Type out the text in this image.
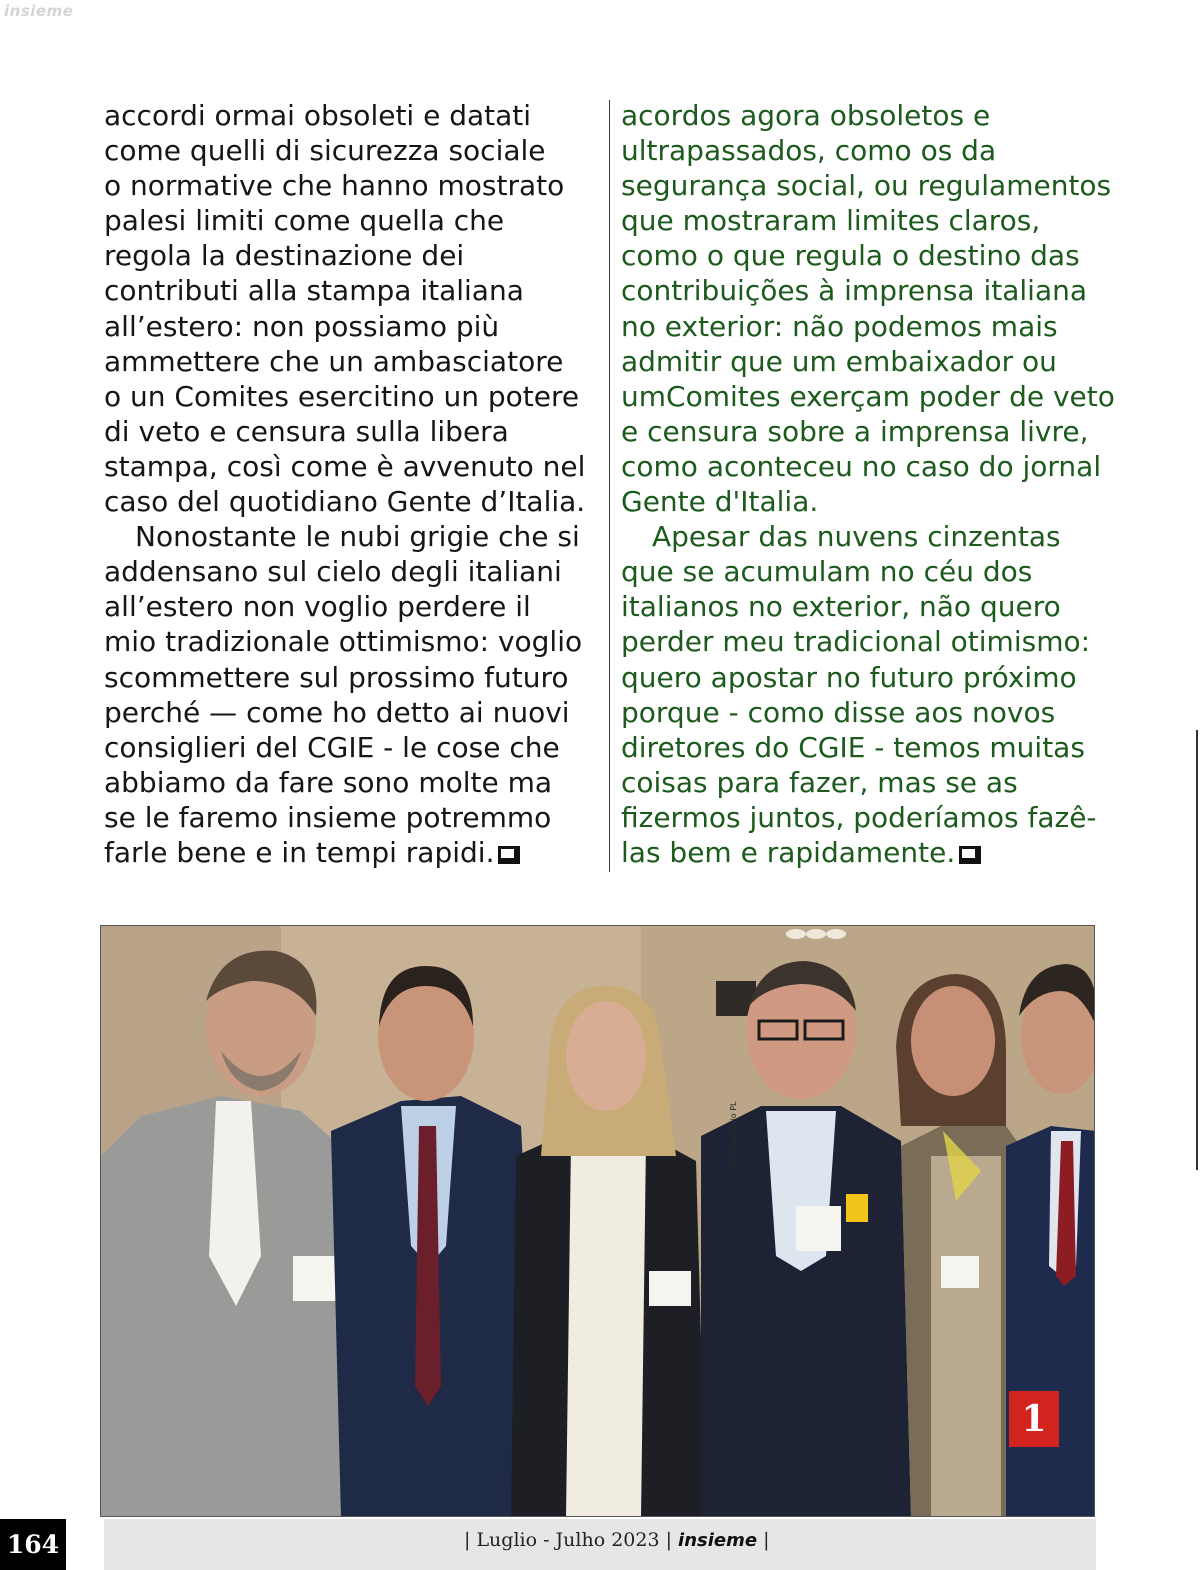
insieme

accordi ormai obsoleti e datati
come quelli di sicurezza sociale
o normative che hanno mostrato
palesi limiti come quella che
regola la destinazione dei
contributi alla stampa italiana
all’estero: non possiamo più
ammettere che un ambasciatore
o un Comites esercitino un potere
di veto e censura sulla libera
stampa, così come è avvenuto nel
caso del quotidiano Gente d’Italia.

Nonostante le nubi grigie che si
addensano sul cielo degli italiani
all’estero non voglio perdere il
mio tradizionale ottimismo: voglio
scommettere sul prossimo futuro
perché — come ho detto ai nuovi
consiglieri del CGIE - le cose che
abbiamo da fare sono molte ma
se le faremo insieme potremmo
farle bene e in tempi rapidi.

acordos agora obsoletos e
ultrapassados, como os da
segurança social, ou regulamentos
que mostraram limites claros,
como o que regula o destino das
contribuições à imprensa italiana
no exterior: não podemos mais
admitir que um embaixador ou
umComites exerçam poder de veto
e censura sobre a imprensa livre,
como aconteceu no caso do jornal
Gente d'Italia.

Apesar das nuvens cinzentas
que se acumulam no céu dos
italianos no exterior, não quero
perder meu tradicional otimismo:
quero apostar no futuro próximo
porque - como disse aos novos
diretores do CGIE - temos muitas
coisas para fazer, mas se as
fizermos juntos, poderíamos fazê-
las bem e rapidamente.

Foto Desiderio PL
1
164	| Luglio - Julho 2023 | insieme |
